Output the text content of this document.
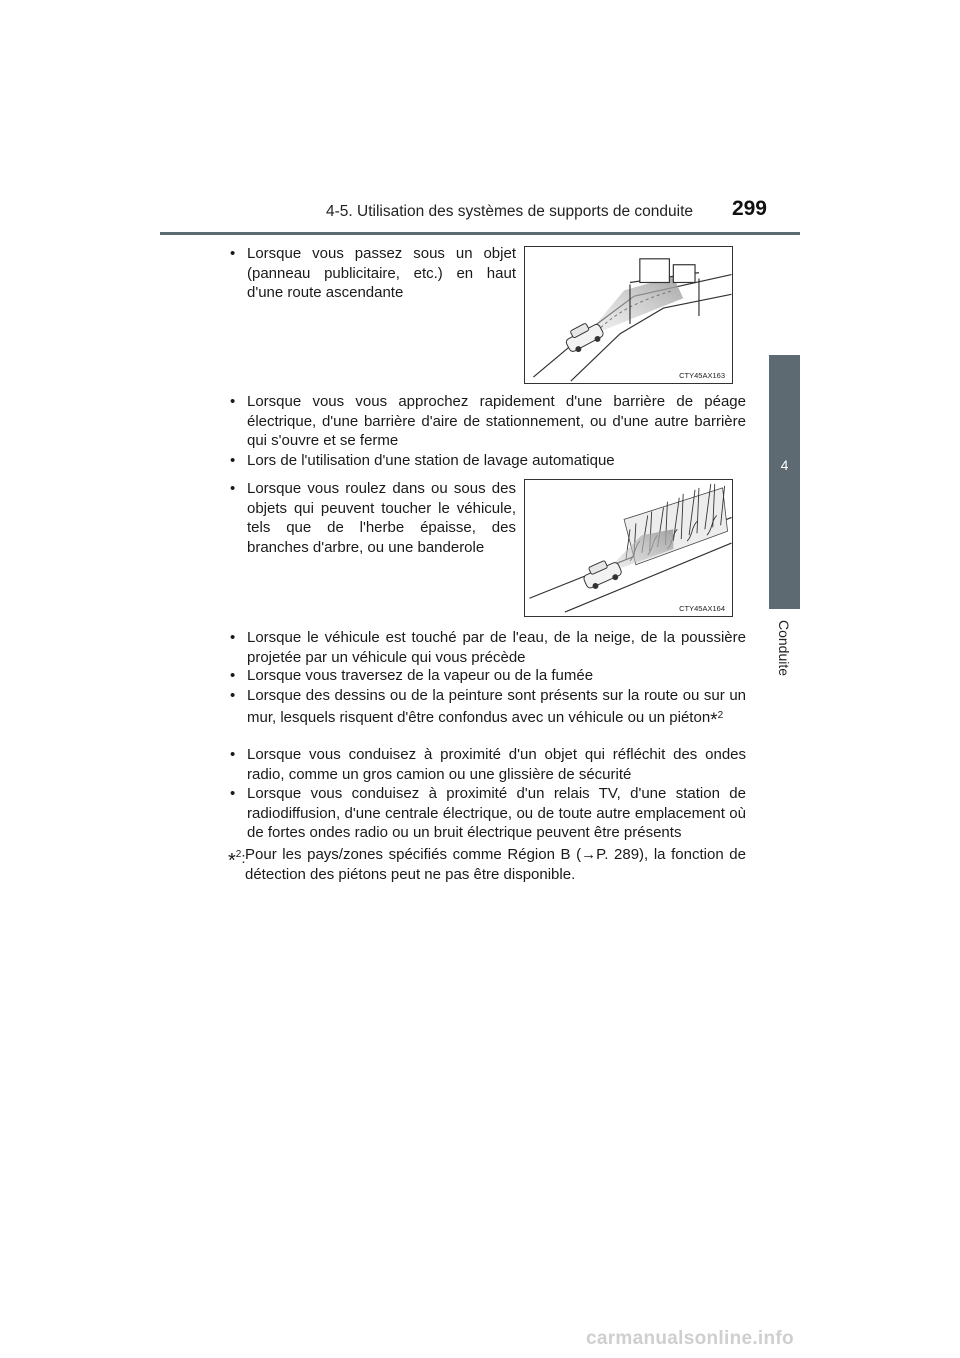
4-5. Utilisation des systèmes de supports de conduite	299
4
Conduite
• Lorsque vous passez sous un objet (panneau publicitaire, etc.) en haut d'une route ascendante
CTY45AX163
• Lorsque vous vous approchez rapidement d'une barrière de péage électrique, d'une barrière d'aire de stationnement, ou d'une autre barrière qui s'ouvre et se ferme
• Lors de l'utilisation d'une station de lavage automatique
• Lorsque vous roulez dans ou sous des objets qui peuvent toucher le véhicule, tels que de l'herbe épaisse, des branches d'arbre, ou une banderole
CTY45AX164
• Lorsque le véhicule est touché par de l'eau, de la neige, de la poussière projetée par un véhicule qui vous précède
• Lorsque vous traversez de la vapeur ou de la fumée
• Lorsque des dessins ou de la peinture sont présents sur la route ou sur un mur, lesquels risquent d'être confondus avec un véhicule ou un piéton*$^2$
• Lorsque vous conduisez à proximité d'un objet qui réfléchit des ondes radio, comme un gros camion ou une glissière de sécurité
• Lorsque vous conduisez à proximité d'un relais TV, d'une station de radiodiffusion, d'une centrale électrique, ou de toute autre emplacement où de fortes ondes radio ou un bruit électrique peuvent être présents
*$^2$: Pour les pays/zones spécifiés comme Région B (→P. 289), la fonction de détection des piétons peut ne pas être disponible.
carmanualsonline.info
